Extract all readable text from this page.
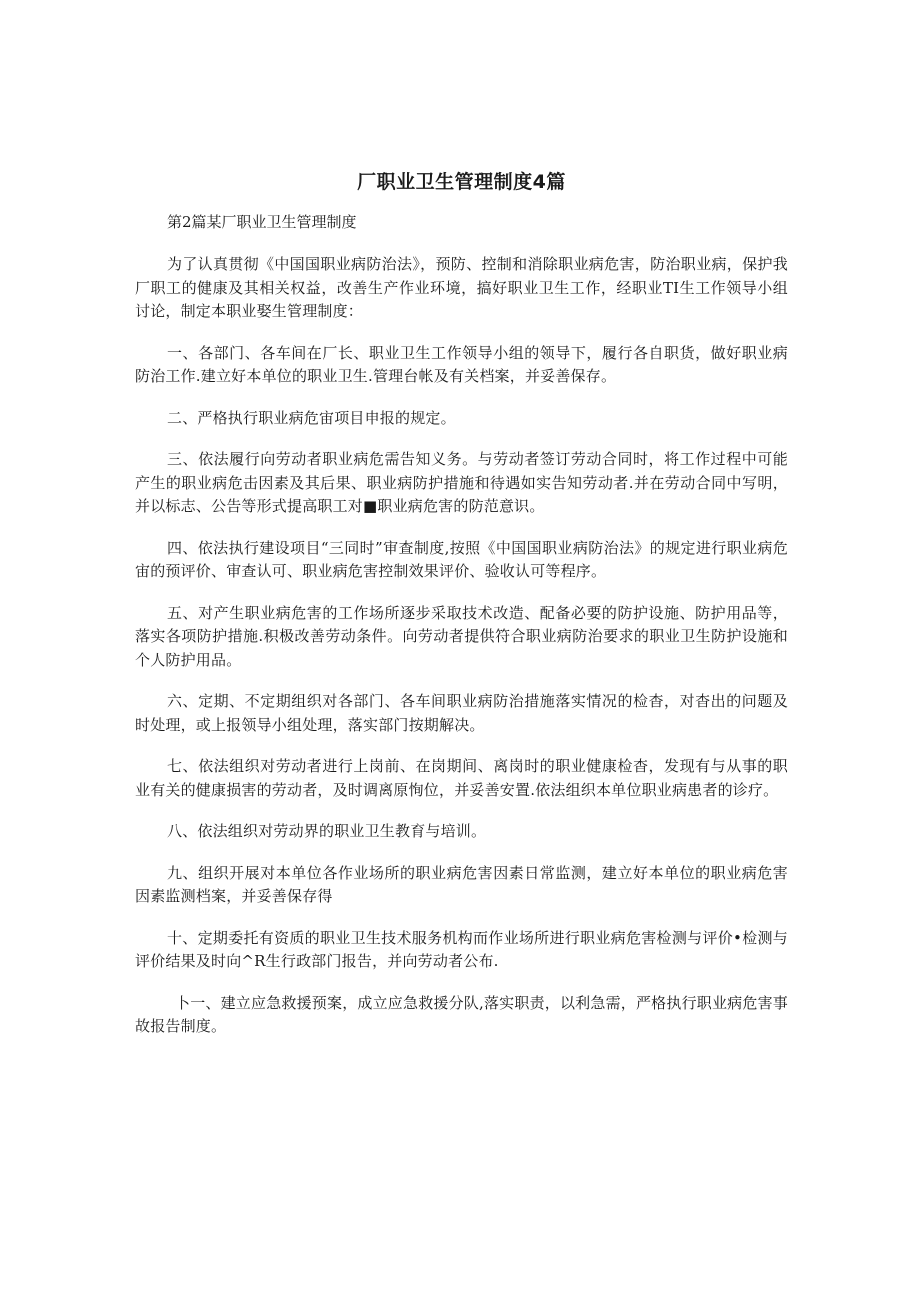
厂职业卫生管理制度4篇

第2篇某厂职业卫生管理制度

为了认真贯彻《中国国职业病防治法》，预防、控制和消除职业病危害，防治职业病，保护我厂职工的健康及其相关权益，改善生产作业环境，搞好职业卫生工作，经职业TI生工作领导小组讨论，制定本职业娶生管理制度：

一、各部门、各车间在厂长、职业卫生工作领导小组的领导下，履行各自职货，做好职业病防治工作.建立好本单位的职业卫生.管理台帐及有关档案，并妥善保存。

二、严格执行职业病危宙项目申报的规定。

三、依法履行向劳动者职业病危需告知义务。与劳动者签订劳动合同时，将工作过程中可能产生的职业病危击因素及其后果、职业病防护措施和待遇如实告知劳动者.并在劳动合同中写明，并以标志、公告等形式提高职工对■职业病危害的防范意识。

四、依法执行建设项目“三同时”审查制度,按照《中国国职业病防治法》的规定进行职业病危宙的预评价、审查认可、职业病危害控制效果评价、验收认可等程序。

五、对产生职业病危害的工作场所逐步采取技术改造、配备必要的防护设施、防护用品等，落实各项防护措施.积极改善劳动条件。向劳动者提供符合职业病防治要求的职业卫生防护设施和个人防护用品。

六、定期、不定期组织对各部门、各车间职业病防治措施落实情况的检杳，对杳出的问题及时处理，或上报领导小组处理，落实部门按期解决。

七、依法组织对劳动者进行上岗前、在岗期间、离岗时的职业健康检杳，发现有与从事的职业有关的健康损害的劳动者，及时调离原恂位，并妥善安置.依法组织本单位职业病患者的诊疗。

八、依法组织对劳动界的职业卫生教育与培训。

九、组织开展对本单位各作业场所的职业病危害因素日常监测，建立好本单位的职业病危害因素监测档案，并妥善保存得

十、定期委托有资质的职业卫生技术服务机构而作业场所进行职业病危害检测与评价•检测与评价结果及时向^R生行政部门报告，并向劳动者公布.

卜一、建立应急救援预案，成立应急救援分队,落实职责，以利急需，严格执行职业病危害事故报告制度。
